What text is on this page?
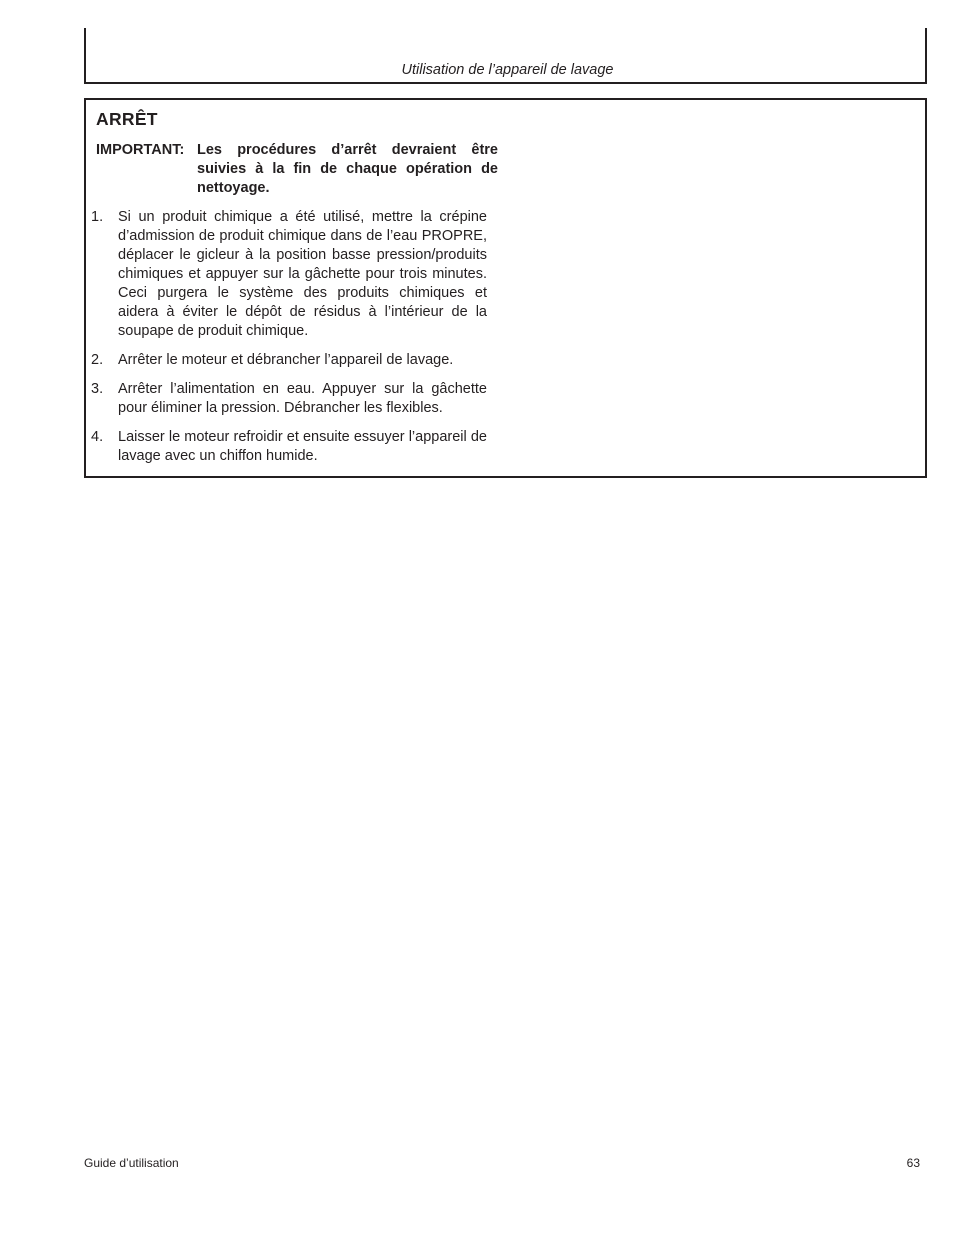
Utilisation de l’appareil de lavage
ARRÊT
IMPORTANT: Les procédures d’arrêt devraient être suivies à la fin de chaque opération de nettoyage.
1. Si un produit chimique a été utilisé, mettre la crépine d’admission de produit chimique dans de l’eau PROPRE, déplacer le gicleur à la position basse pression/produits chimiques et appuyer sur la gâchette pour trois minutes. Ceci purgera le système des produits chimiques et aidera à éviter le dépôt de résidus à l’intérieur de la soupape de produit chimique.
2. Arrêter le moteur et débrancher l’appareil de lavage.
3. Arrêter l’alimentation en eau. Appuyer sur la gâchette pour éliminer la pression. Débrancher les flexibles.
4. Laisser le moteur refroidir et ensuite essuyer l’appareil de lavage avec un chiffon humide.
Guide d’utilisation	63
